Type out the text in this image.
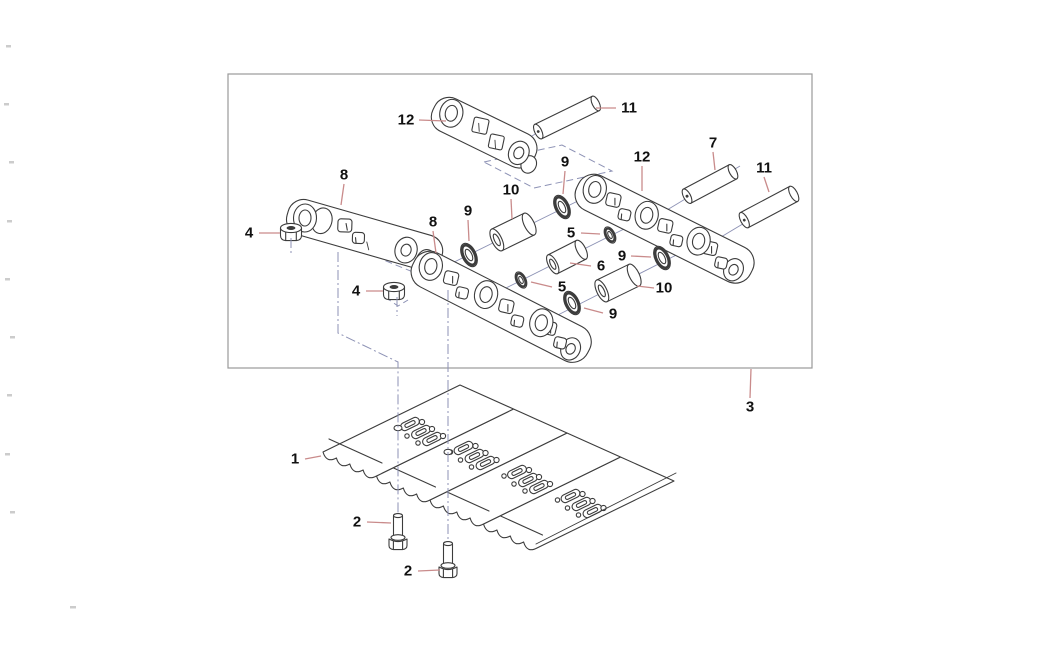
12
11
8
4
10
9
9	12
7
11
8
4
5
6
5
9
10
9
3
1
2
2
